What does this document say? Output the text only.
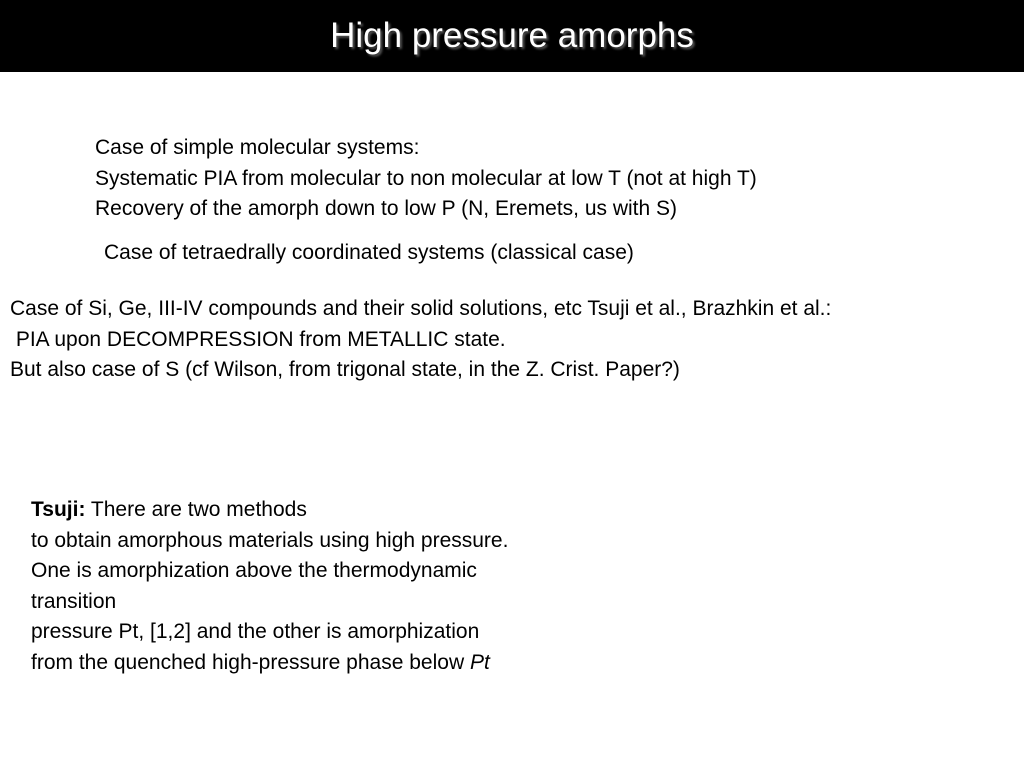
High pressure amorphs
Case of simple molecular systems:
Systematic PIA from molecular to non molecular at low T (not at high T)
Recovery of the amorph down to low P (N, Eremets, us with S)
Case of tetraedrally coordinated systems (classical case)
Case of Si, Ge, III-IV compounds and their solid solutions, etc Tsuji et al., Brazhkin et al.:
PIA upon DECOMPRESSION from METALLIC state.
But also case of S (cf Wilson, from trigonal state, in the Z. Crist. Paper?)
Tsuji: There are two methods
to obtain amorphous materials using high pressure.
One is amorphization above the thermodynamic
transition
pressure Pt, [1,2] and the other is amorphization
from the quenched high-pressure phase below Pt
